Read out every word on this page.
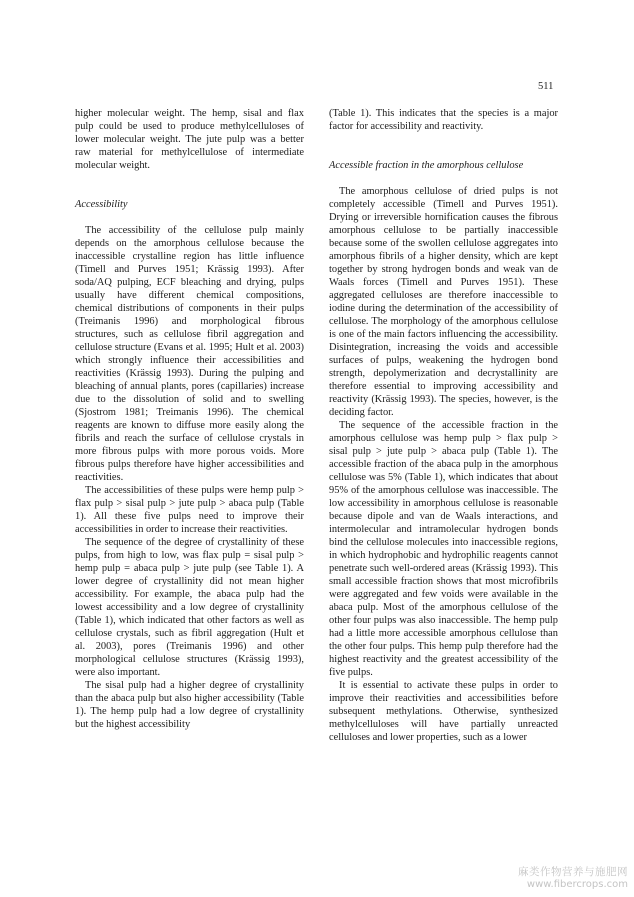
511

higher molecular weight. The hemp, sisal and flax pulp could be used to produce methylcelluloses of lower molecular weight. The jute pulp was a better raw material for methylcellulose of intermediate molecular weight.

Accessibility

The accessibility of the cellulose pulp mainly depends on the amorphous cellulose because the inaccessible crystalline region has little influence (Timell and Purves 1951; Krässig 1993). After soda/AQ pulping, ECF bleaching and drying, pulps usually have different chemical compositions, chemical distributions of components in their pulps (Treimanis 1996) and morphological fibrous structures, such as cellulose fibril aggregation and cellulose structure (Evans et al. 1995; Hult et al. 2003) which strongly influence their accessibilities and reactivities (Krässig 1993). During the pulping and bleaching of annual plants, pores (capillaries) increase due to the dissolution of solid and to swelling (Sjostrom 1981; Treimanis 1996). The chemical reagents are known to diffuse more easily along the fibrils and reach the surface of cellulose crystals in more fibrous pulps with more porous voids. More fibrous pulps therefore have higher accessibilities and reactivities.

The accessibilities of these pulps were hemp pulp > flax pulp > sisal pulp > jute pulp > abaca pulp (Table 1). All these five pulps need to improve their accessibilities in order to increase their reactivities.

The sequence of the degree of crystallinity of these pulps, from high to low, was flax pulp = sisal pulp > hemp pulp = abaca pulp > jute pulp (see Table 1). A lower degree of crystallinity did not mean higher accessibility. For example, the abaca pulp had the lowest accessibility and a low degree of crystallinity (Table 1), which indicated that other factors as well as cellulose crystals, such as fibril aggregation (Hult et al. 2003), pores (Treimanis 1996) and other morphological cellulose structures (Krässig 1993), were also important.

The sisal pulp had a higher degree of crystallinity than the abaca pulp but also higher accessibility (Table 1). The hemp pulp had a low degree of crystallinity but the highest accessibility

(Table 1). This indicates that the species is a major factor for accessibility and reactivity.

Accessible fraction in the amorphous cellulose

The amorphous cellulose of dried pulps is not completely accessible (Timell and Purves 1951). Drying or irreversible hornification causes the fibrous amorphous cellulose to be partially inaccessible because some of the swollen cellulose aggregates into amorphous fibrils of a higher density, which are kept together by strong hydrogen bonds and weak van de Waals forces (Timell and Purves 1951). These aggregated celluloses are therefore inaccessible to iodine during the determination of the accessibility of cellulose. The morphology of the amorphous cellulose is one of the main factors influencing the accessibility. Disintegration, increasing the voids and accessible surfaces of pulps, weakening the hydrogen bond strength, depolymerization and decrystallinity are therefore essential to improving accessibility and reactivity (Krässig 1993). The species, however, is the deciding factor.

The sequence of the accessible fraction in the amorphous cellulose was hemp pulp > flax pulp > sisal pulp > jute pulp > abaca pulp (Table 1). The accessible fraction of the abaca pulp in the amorphous cellulose was 5% (Table 1), which indicates that about 95% of the amorphous cellulose was inaccessible. The low accessibility in amorphous cellulose is reasonable because dipole and van de Waals interactions, and intermolecular and intramolecular hydrogen bonds bind the cellulose molecules into inaccessible regions, in which hydrophobic and hydrophilic reagents cannot penetrate such well-ordered areas (Krässig 1993). This small accessible fraction shows that most microfibrils were aggregated and few voids were available in the abaca pulp. Most of the amorphous cellulose of the other four pulps was also inaccessible. The hemp pulp had a little more accessible amorphous cellulose than the other four pulps. This hemp pulp therefore had the highest reactivity and the greatest accessibility of the five pulps.

It is essential to activate these pulps in order to improve their reactivities and accessibilities before subsequent methylations. Otherwise, synthesized methylcelluloses will have partially unreacted celluloses and lower properties, such as a lower

麻类作物营养与施肥网
www.fibercrops.com
